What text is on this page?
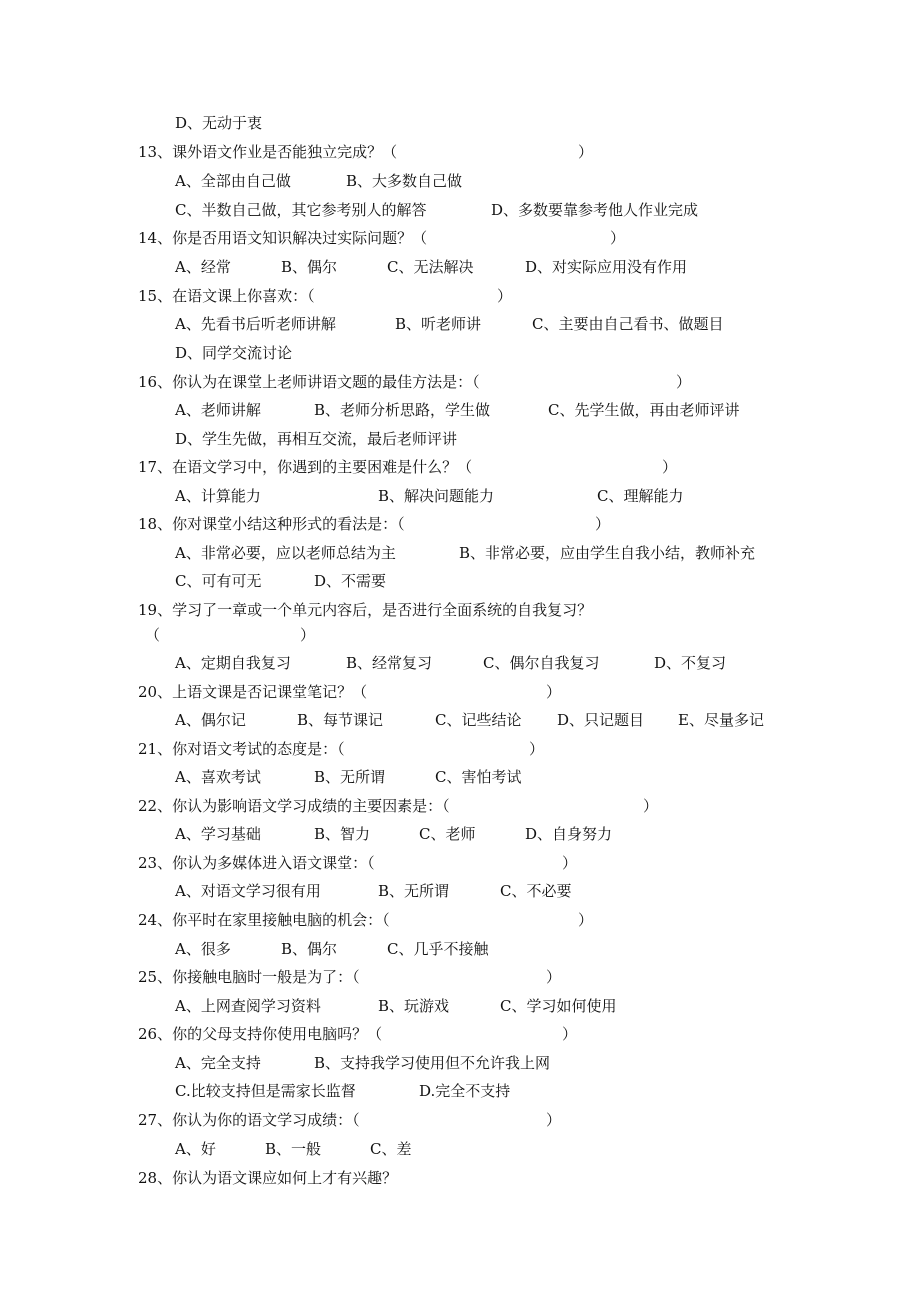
D、无动于衷
13、课外语文作业是否能独立完成？（	）
A、全部由自己做	B、大多数自己做
C、半数自己做，其它参考别人的解答	D、多数要靠参考他人作业完成
14、你是否用语文知识解决过实际问题？（	）
A、经常	B、偶尔	C、无法解决	D、对实际应用没有作用
15、在语文课上你喜欢：（	）
A、先看书后听老师讲解	B、听老师讲	C、主要由自己看书、做题目
D、同学交流讨论
16、你认为在课堂上老师讲语文题的最佳方法是：（	）
A、老师讲解	B、老师分析思路，学生做	C、先学生做，再由老师评讲
D、学生先做，再相互交流，最后老师评讲
17、在语文学习中，你遇到的主要困难是什么？（	）
A、计算能力	B、解决问题能力	C、理解能力
18、你对课堂小结这种形式的看法是：（	）
A、非常必要，应以老师总结为主	B、非常必要，应由学生自我小结，教师补充
C、可有可无	D、不需要
19、学习了一章或一个单元内容后，是否进行全面系统的自我复习？
（	）
A、定期自我复习	B、经常复习	C、偶尔自我复习	D、不复习
20、上语文课是否记课堂笔记？（	）
A、偶尔记	B、每节课记	C、记些结论 D、只记题目 E、尽量多记
21、你对语文考试的态度是：（	）
A、喜欢考试	B、无所谓	C、害怕考试
22、你认为影响语文学习成绩的主要因素是：（	）
A、学习基础	B、智力	C、老师	D、自身努力
23、你认为多媒体进入语文课堂：（	）
A、对语文学习很有用	B、无所谓	C、不必要
24、你平时在家里接触电脑的机会：（	）
A、很多	B、偶尔	C、几乎不接触
25、你接触电脑时一般是为了：（	）
A、上网查阅学习资料	B、玩游戏	C、学习如何使用
26、你的父母支持你使用电脑吗？（	）
A、完全支持	B、支持我学习使用但不允许我上网
C.比较支持但是需家长监督	D.完全不支持
27、你认为你的语文学习成绩：（	）
A、好	B、一般	C、差
28、你认为语文课应如何上才有兴趣？
